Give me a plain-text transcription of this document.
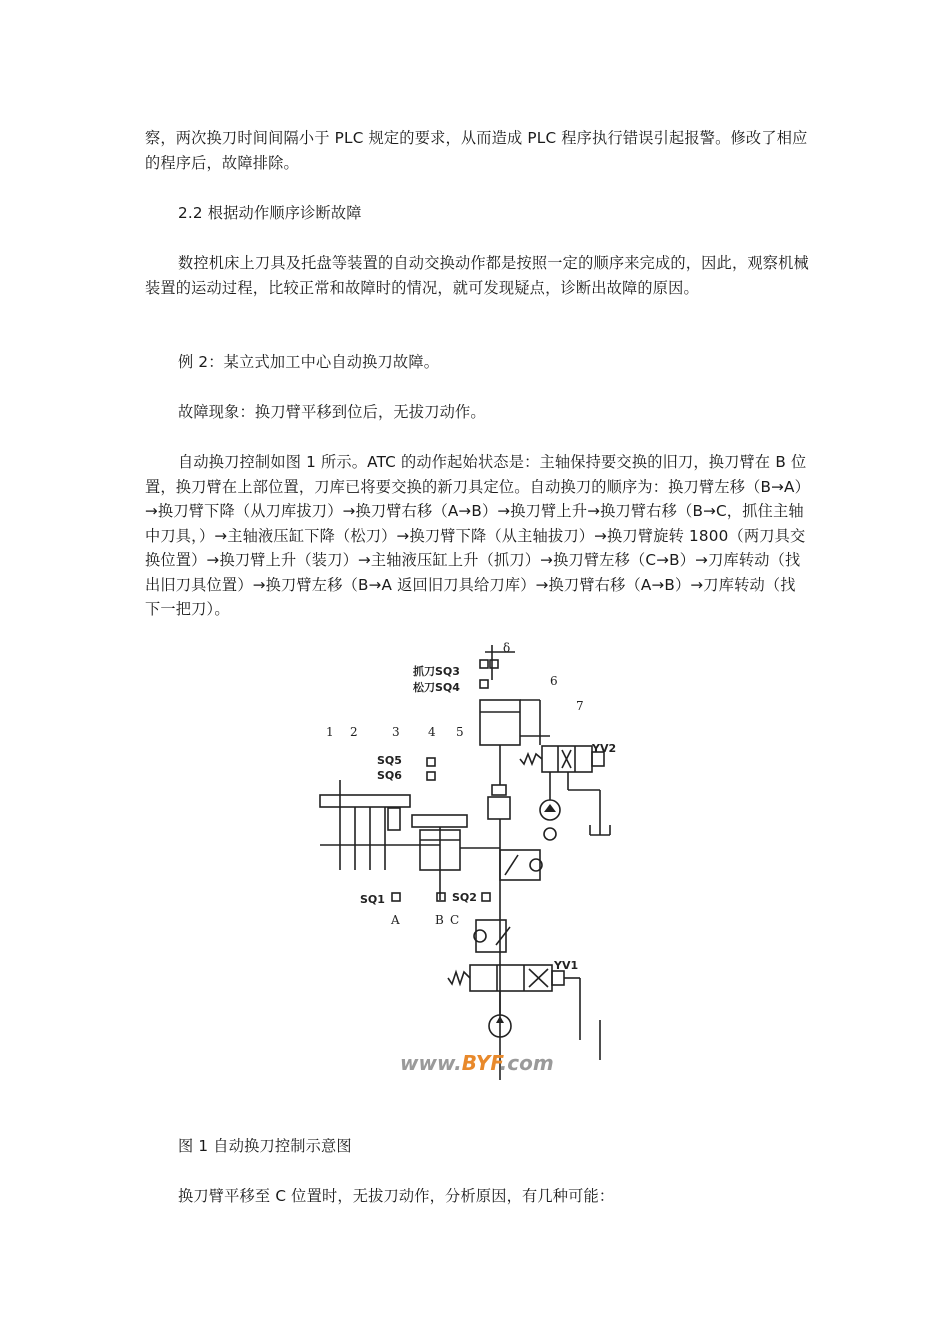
察，两次换刀时间间隔小于 PLC 规定的要求，从而造成 PLC 程序执行错误引起报警。修改了相应的程序后，故障排除。

2.2 根据动作顺序诊断故障

数控机床上刀具及托盘等装置的自动交换动作都是按照一定的顺序来完成的，因此，观察机械装置的运动过程，比较正常和故障时的情况，就可发现疑点，诊断出故障的原因。

例 2：某立式加工中心自动换刀故障。

故障现象：换刀臂平移到位后，无拔刀动作。

自动换刀控制如图 1 所示。ATC 的动作起始状态是：主轴保持要交换的旧刀，换刀臂在 B 位置，换刀臂在上部位置，刀库已将要交换的新刀具定位。自动换刀的顺序为：换刀臂左移（B→A）→换刀臂下降（从刀库拔刀）→换刀臂右移（A→B）→换刀臂上升→换刀臂右移（B→C，抓住主轴中刀具，）→主轴液压缸下降（松刀）→换刀臂下降（从主轴拔刀）→换刀臂旋转 1800（两刀具交换位置）→换刀臂上升（装刀）→主轴液压缸上升（抓刀）→换刀臂左移（C→B）→刀库转动（找出旧刀具位置）→换刀臂左移（B→A 返回旧刀具给刀库）→换刀臂右移（A→B）→刀库转动（找下一把刀）。

1 2	3 4 5
6
7
δ
抓刀SQ3
松刀SQ4
SQ5
SQ6
SQ1	SQ2
A	B C
YV1
YV2
www.BYF.com

图 1 自动换刀控制示意图

换刀臂平移至 C 位置时，无拔刀动作，分析原因，有几种可能：
